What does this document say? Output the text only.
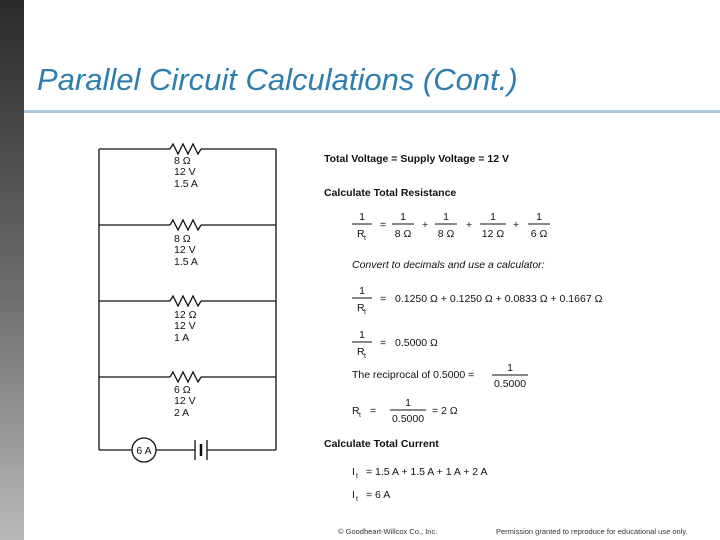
Parallel Circuit Calculations (Cont.)
8 Ω
12 V
1.5 A
8 Ω
12 V
1.5 A
12 Ω
12 V
1 A
6 Ω
12 V
2 A
6 A
Total Voltage = Supply Voltage = 12 V
Calculate Total Resistance
1
R t
=
1
8 Ω
+
1
8 Ω
+
1
12 Ω
+
1
6 Ω
Convert to decimals and use a calculator:
1
R t
= 0.1250 Ω + 0.1250 Ω + 0.0833 Ω + 0.1667 Ω
1
R t
= 0.5000 Ω
The reciprocal of 0.5000 =
1
0.5000
R t =
1
0.5000
= 2 Ω
Calculate Total Current
I t = 1.5 A + 1.5 A + 1 A + 2 A
I t = 6 A
© Goodheart-Willcox Co., Inc.	Permission granted to reproduce for educational use only.
